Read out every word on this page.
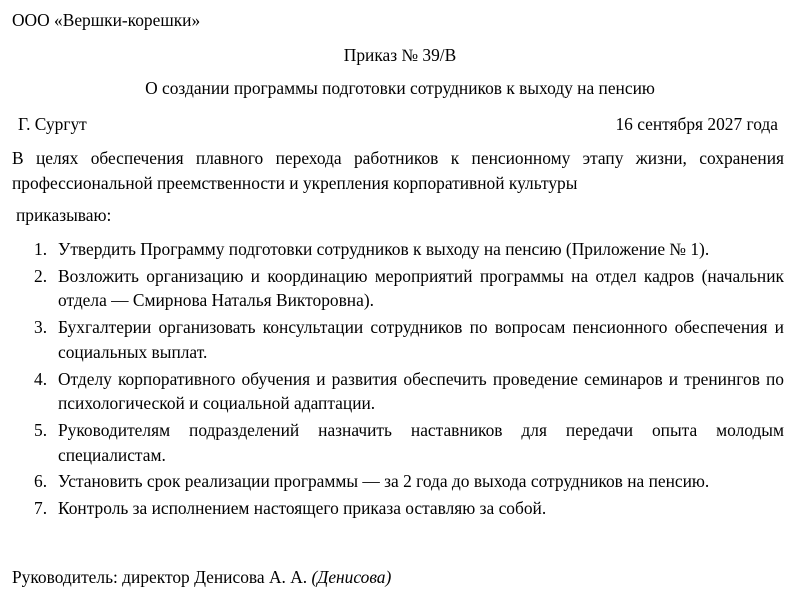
ООО «Вершки-корешки»
Приказ № 39/В
О создании программы подготовки сотрудников к выходу на пенсию
Г. Сургут	16 сентября 2027 года
В целях обеспечения плавного перехода работников к пенсионному этапу жизни, сохранения профессиональной преемственности и укрепления корпоративной культуры
приказываю:
1. Утвердить Программу подготовки сотрудников к выходу на пенсию (Приложение № 1).
2. Возложить организацию и координацию мероприятий программы на отдел кадров (начальник отдела — Смирнова Наталья Викторовна).
3. Бухгалтерии организовать консультации сотрудников по вопросам пенсионного обеспечения и социальных выплат.
4. Отделу корпоративного обучения и развития обеспечить проведение семинаров и тренингов по психологической и социальной адаптации.
5. Руководителям подразделений назначить наставников для передачи опыта молодым специалистам.
6. Установить срок реализации программы — за 2 года до выхода сотрудников на пенсию.
7. Контроль за исполнением настоящего приказа оставляю за собой.
Руководитель: директор Денисова А. А. (Денисова)
